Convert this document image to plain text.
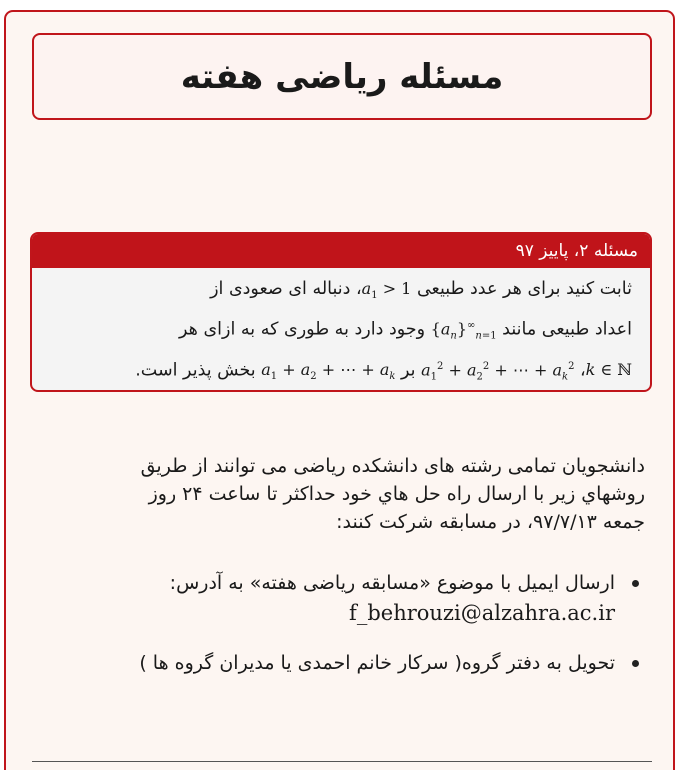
مسئله ریاضی هفته
مسئله ۲، پاییز ۹۷
ثابت کنید برای هر عدد طبیعی $a_1$ > 1، دنباله ای صعودی از
اعداد طبیعی مانند $\{a_n\}^\infty_{n=1}$ وجود دارد به طوری که به ازای هر
k ∈ ℕ، $a_1^2 + a_2^2$ + ⋯ + $a_k^2$ بر $a_1 + a_2$ + ⋯ + $a_k$ بخش پذیر است.
دانشجویان تمامی رشته های دانشکده ریاضی می توانند از طریق
روشهاي زیر با ارسال راه حل هاي خود حداکثر تا ساعت ۲۴ روز
جمعه ۹۷/۷/۱۳، در مسابقه شرکت کنند:
ارسال ایمیل با موضوع «مسابقه ریاضی هفته» به آدرس:
f_behrouzi@alzahra.ac.ir
تحویل به دفتر گروه( سرکار خانم احمدی یا مدیران گروه ها )
